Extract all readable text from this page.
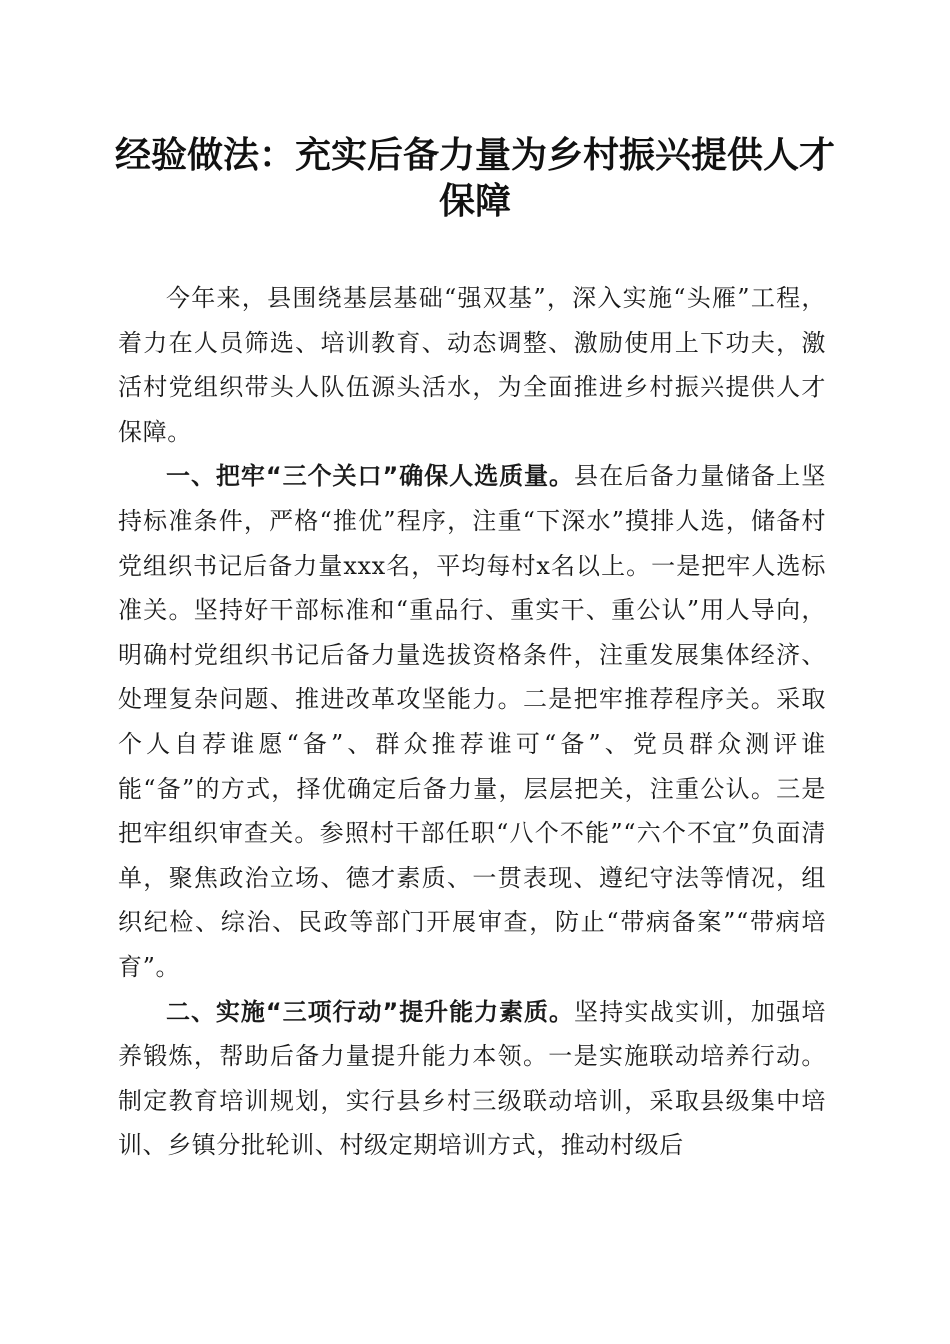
经验做法：充实后备力量为乡村振兴提供人才保障

今年来，县围绕基层基础“强双基”，深入实施“头雁”工程，着力在人员筛选、培训教育、动态调整、激励使用上下功夫，激活村党组织带头人队伍源头活水，为全面推进乡村振兴提供人才保障。

一、把牢“三个关口”确保人选质量。县在后备力量储备上坚持标准条件，严格“推优”程序，注重“下深水”摸排人选，储备村党组织书记后备力量xxx名，平均每村x名以上。一是把牢人选标准关。坚持好干部标准和“重品行、重实干、重公认”用人导向，明确村党组织书记后备力量选拔资格条件，注重发展集体经济、处理复杂问题、推进改革攻坚能力。二是把牢推荐程序关。采取个人自荐谁愿“备”、群众推荐谁可“备”、党员群众测评谁能“备”的方式，择优确定后备力量，层层把关，注重公认。三是把牢组织审查关。参照村干部任职“八个不能”“六个不宜”负面清单，聚焦政治立场、德才素质、一贯表现、遵纪守法等情况，组织纪检、综治、民政等部门开展审查，防止“带病备案”“带病培育”。

二、实施“三项行动”提升能力素质。坚持实战实训，加强培养锻炼，帮助后备力量提升能力本领。一是实施联动培养行动。制定教育培训规划，实行县乡村三级联动培训，采取县级集中培训、乡镇分批轮训、村级定期培训方式，推动村级后
